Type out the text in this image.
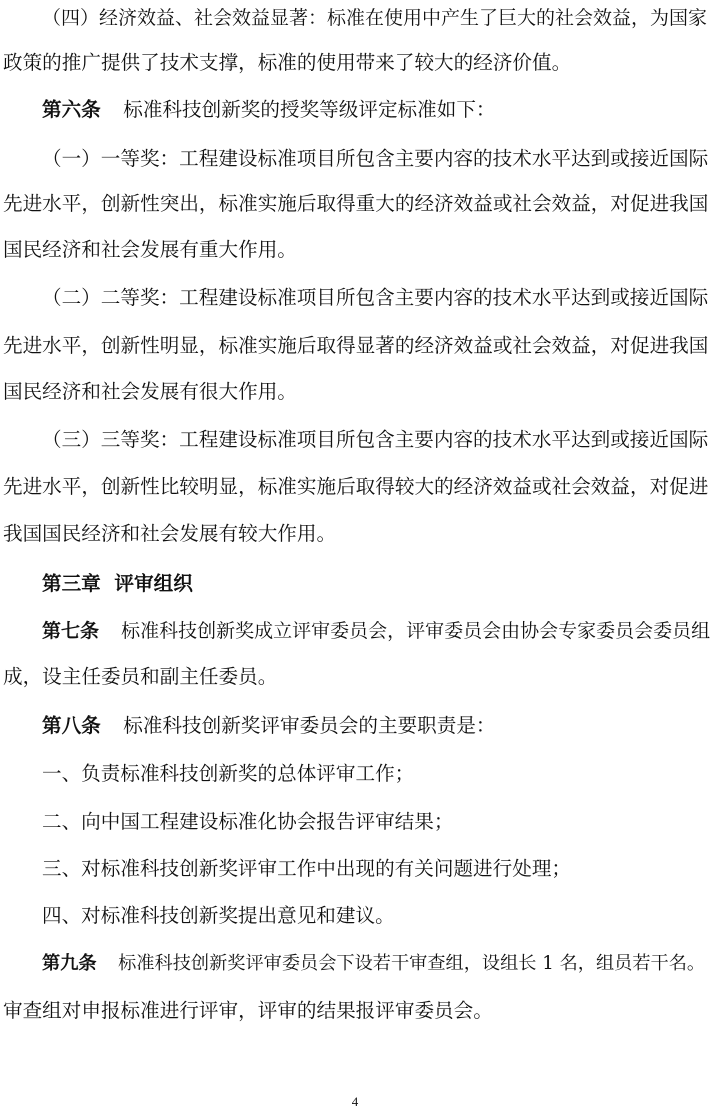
（四）经济效益、社会效益显著：标准在使用中产生了巨大的社会效益，为国家
政策的推广提供了技术支撑，标准的使用带来了较大的经济价值。
第六条 标准科技创新奖的授奖等级评定标准如下：
（一）一等奖：工程建设标准项目所包含主要内容的技术水平达到或接近国际
先进水平，创新性突出，标准实施后取得重大的经济效益或社会效益，对促进我国
国民经济和社会发展有重大作用。
（二）二等奖：工程建设标准项目所包含主要内容的技术水平达到或接近国际
先进水平，创新性明显，标准实施后取得显著的经济效益或社会效益，对促进我国
国民经济和社会发展有很大作用。
（三）三等奖：工程建设标准项目所包含主要内容的技术水平达到或接近国际
先进水平，创新性比较明显，标准实施后取得较大的经济效益或社会效益，对促进
我国国民经济和社会发展有较大作用。
第三章  评审组织
第七条 标准科技创新奖成立评审委员会，评审委员会由协会专家委员会委员组
成，设主任委员和副主任委员。
第八条 标准科技创新奖评审委员会的主要职责是：
一、负责标准科技创新奖的总体评审工作；
二、向中国工程建设标准化协会报告评审结果；
三、对标准科技创新奖评审工作中出现的有关问题进行处理；
四、对标准科技创新奖提出意见和建议。
第九条 标准科技创新奖评审委员会下设若干审查组，设组长 1 名，组员若干名。
审查组对申报标准进行评审，评审的结果报评审委员会。
4
